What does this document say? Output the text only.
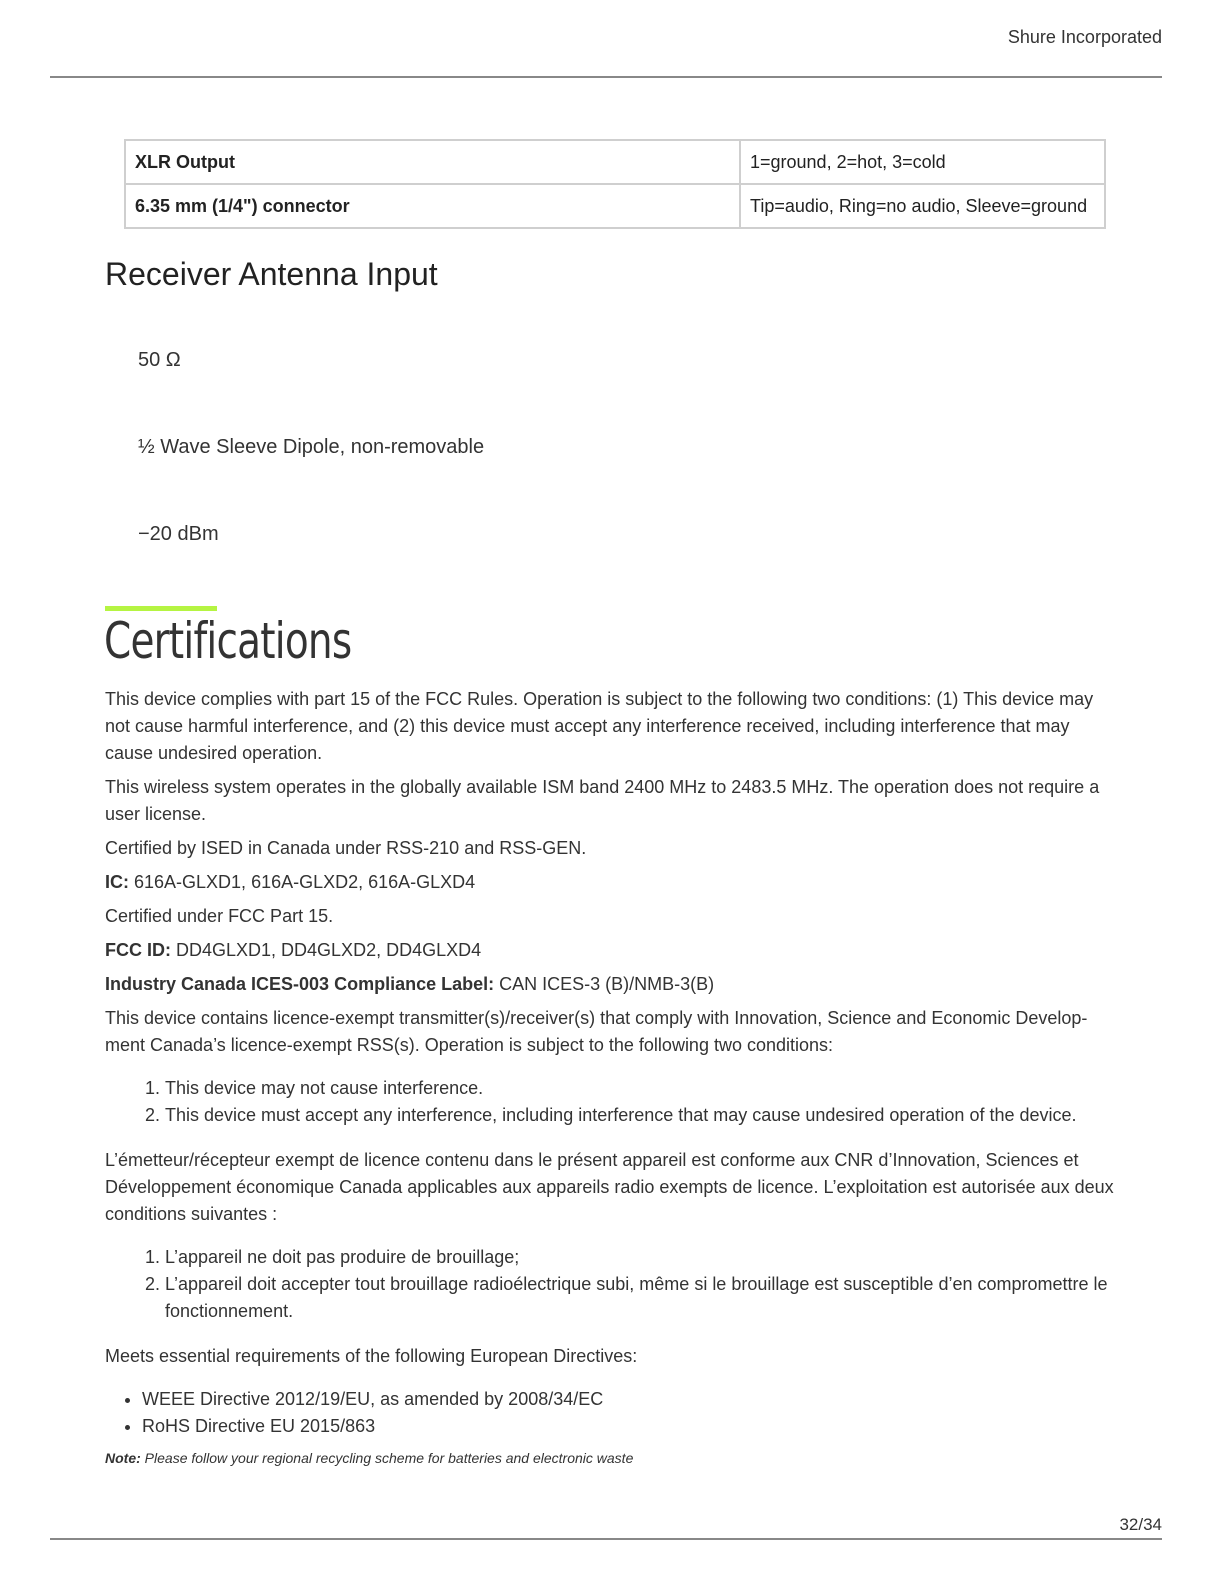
Shure Incorporated
XLR Output	1=ground, 2=hot, 3=cold
6.35 mm (1/4") connector	Tip=audio, Ring=no audio, Sleeve=ground
Receiver Antenna Input
50 Ω
½ Wave Sleeve Dipole, non-removable
−20 dBm
Certifications

This device complies with part 15 of the FCC Rules. Operation is subject to the following two conditions: (1) This device may not cause harmful interference, and (2) this device must accept any interference received, including interference that may cause undesired operation.

This wireless system operates in the globally available ISM band 2400 MHz to 2483.5 MHz. The operation does not require a user license.

Certified by ISED in Canada under RSS-210 and RSS-GEN.

IC: 616A-GLXD1, 616A-GLXD2, 616A-GLXD4

Certified under FCC Part 15.

FCC ID: DD4GLXD1, DD4GLXD2, DD4GLXD4

Industry Canada ICES-003 Compliance Label: CAN ICES-3 (B)/NMB-3(B)

This device contains licence-exempt transmitter(s)/receiver(s) that comply with Innovation, Science and Economic Develop-ment Canada’s licence-exempt RSS(s). Operation is subject to the following two conditions:

1. This device may not cause interference.
2. This device must accept any interference, including interference that may cause undesired operation of the device.

L’émetteur/récepteur exempt de licence contenu dans le présent appareil est conforme aux CNR d’Innovation, Sciences et Développement économique Canada applicables aux appareils radio exempts de licence. L’exploitation est autorisée aux deux conditions suivantes :

1. L’appareil ne doit pas produire de brouillage;
2. L’appareil doit accepter tout brouillage radioélectrique subi, même si le brouillage est susceptible d’en compromettre le fonctionnement.

Meets essential requirements of the following European Directives:

• WEEE Directive 2012/19/EU, as amended by 2008/34/EC
• RoHS Directive EU 2015/863

Note: Please follow your regional recycling scheme for batteries and electronic waste

32/34
